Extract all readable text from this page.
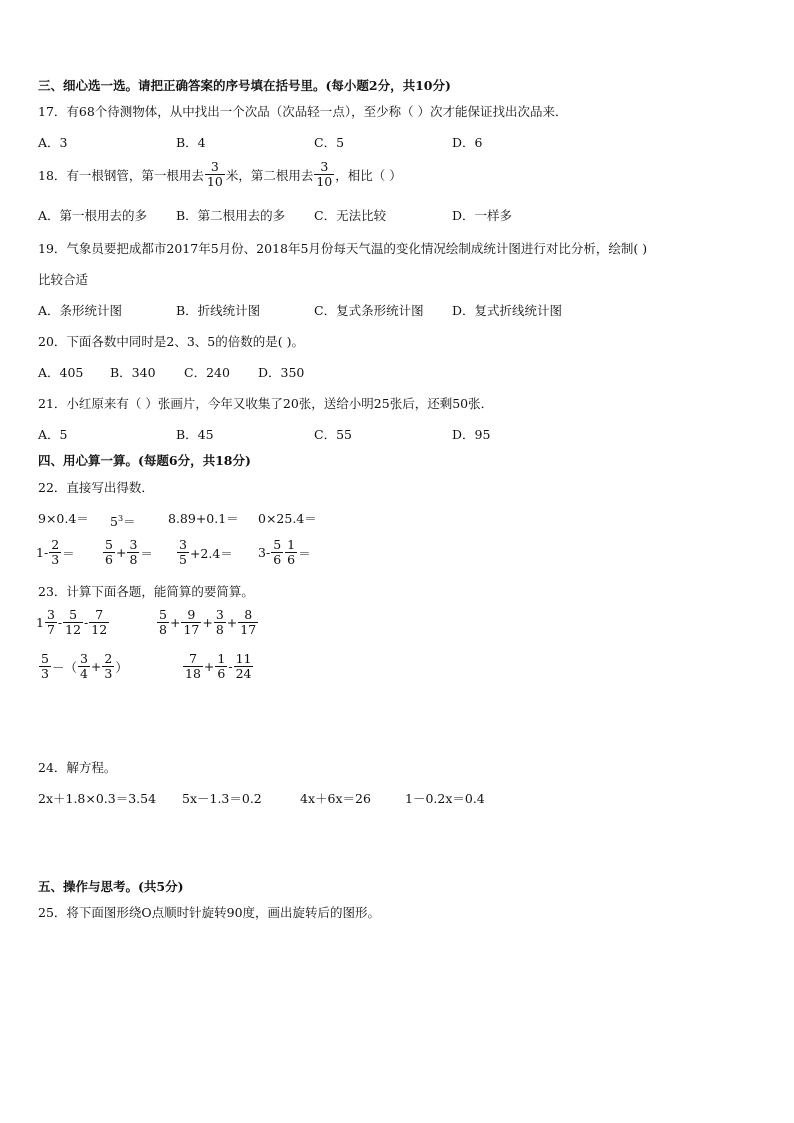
三、细心选一选。请把正确答案的序号填在括号里。(每小题2分，共10分)
17．有68个待测物体，从中找出一个次品（次品轻一点），至少称（ ）次才能保证找出次品来．
A．3	B．4	C．5	D．6
18．有一根钢管，第一根用去 $\frac{3}{10}$ 米，第二根用去 $\frac{3}{10}$ ，相比（ ）
A．第一根用去的多 B．第二根用去的多 C．无法比较	D．一样多
19．气象员要把成都市2017年5月份、2018年5月份每天气温的变化情况绘制成统计图进行对比分析，绘制( )
比较合适
A．条形统计图	B．折线统计图	C．复式条形统计图 D．复式折线统计图
20．下面各数中同时是2、3、5的倍数的是( )。
A．405 B．340 C．240 D．350
21．小红原来有（ ）张画片，今年又收集了20张，送给小明25张后，还剩50张．
A．5	B．45	C．55	D．95
四、用心算一算。(每题6分，共18分)
22．直接写出得数．
$9\times 0.4= 5^3=$	8.89+0.1＝ 0×25.4＝
$1- \frac{2}{3} = \frac{5}{6} + \frac{3}{8} = \frac{3}{5} +2.4= 3- \frac{5}{6} \frac{1}{6}$ ＝
23．计算下面各题，能简算的要简算。
$1 \frac{3}{7} - \frac{5}{12} - \frac{7}{12}$	$\frac{5}{8} + \frac{9}{17} + \frac{3}{8} + \frac{8}{17}$
$\frac{5}{3}$ －（ $\frac{3}{4} + \frac{2}{3}$ ）	$\frac{7}{18} + \frac{1}{6} - \frac{11}{24}$
24．解方程。
2x＋1.8×0.3＝3.54 5x－1.3＝0.2	4x＋6x＝26	1－0.2x＝0.4
五、操作与思考。(共5分)
25．将下面图形绕O点顺时针旋转90度，画出旋转后的图形。
